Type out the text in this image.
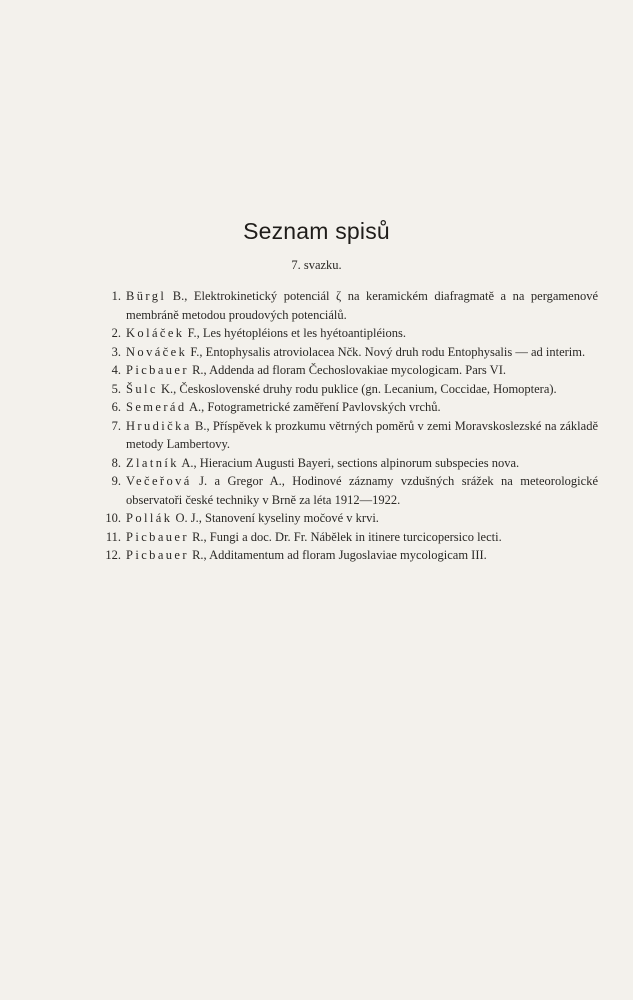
Seznam spisů
7. svazku.
1. Bürgl B., Elektrokinetický potenciál ζ na keramickém diafragmatě a na pergamenové membráně metodou proudových potenciálů.
2. Koláček F., Les hyétopléions et les hyétoantipléions.
3. Nováček F., Entophysalis atroviolacea Nčk. Nový druh rodu Entophysalis — ad interim.
4. Picbauer R., Addenda ad floram Čechoslovakiae mycologicam. Pars VI.
5. Šulc K., Československé druhy rodu puklice (gn. Lecanium, Coccidae, Homoptera).
6. Semerád A., Fotogrametrické zaměření Pavlovských vrchů.
7. Hrudička B., Příspěvek k prozkumu větrných poměrů v zemi Moravskoslezské na základě metody Lambertovy.
8. Zlatník A., Hieracium Augusti Bayeri, sections alpinorum subspecies nova.
9. Večeřová J. a Gregor A., Hodinové záznamy vzdušných srážek na meteorologické observatoři české techniky v Brně za léta 1912—1922.
10. Pollák O. J., Stanovení kyseliny močové v krvi.
11. Picbauer R., Fungi a doc. Dr. Fr. Nábělek in itinere turcicopersico lecti.
12. Picbauer R., Additamentum ad floram Jugoslaviae mycologicam III.
